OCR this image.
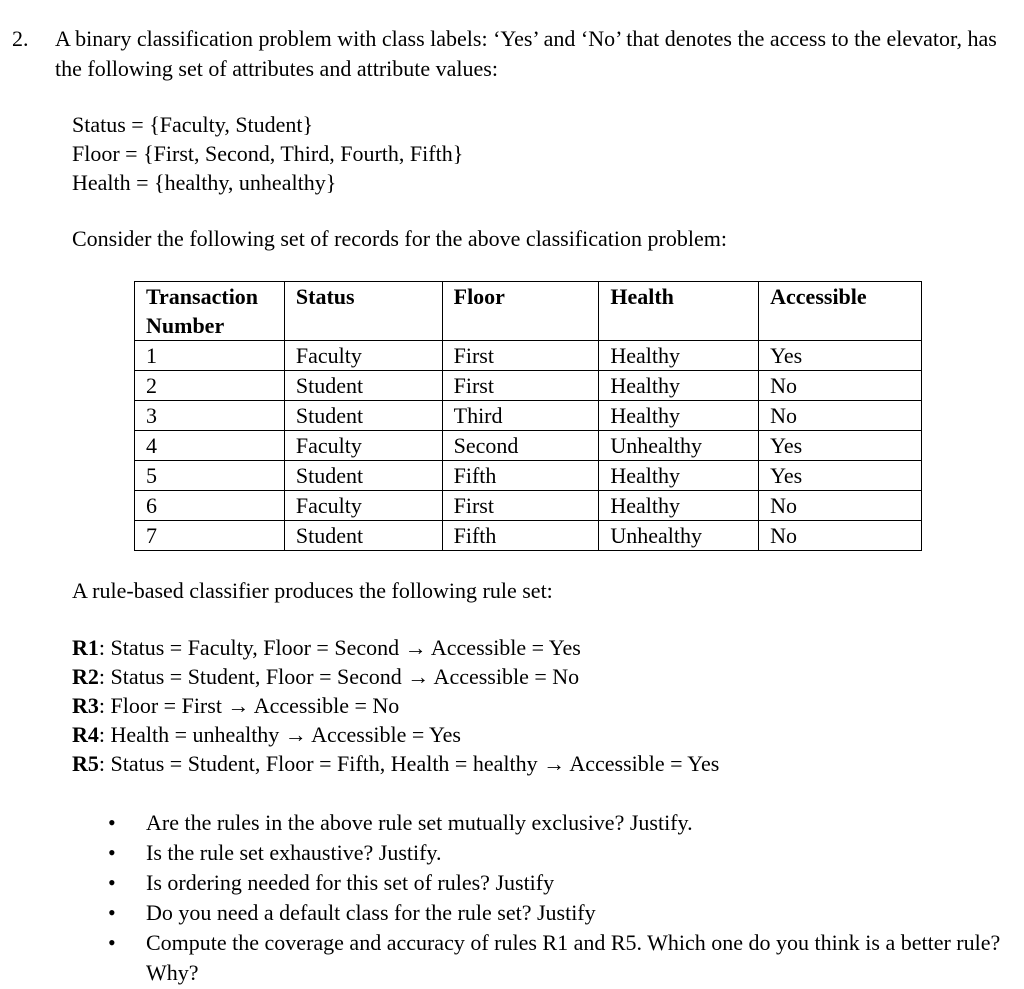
2. A binary classification problem with class labels: ‘Yes’ and ‘No’ that denotes the access to the elevator, has the following set of attributes and attribute values:

Status = {Faculty, Student}
Floor = {First, Second, Third, Fourth, Fifth}
Health = {healthy, unhealthy}

Consider the following set of records for the above classification problem:

Transaction Number	Status	Floor	Health	Accessible
1	Faculty	First	Healthy	Yes
2	Student	First	Healthy	No
3	Student	Third	Healthy	No
4	Faculty	Second	Unhealthy	Yes
5	Student	Fifth	Healthy	Yes
6	Faculty	First	Healthy	No
7	Student	Fifth	Unhealthy	No

A rule-based classifier produces the following rule set:

R1: Status = Faculty, Floor = Second → Accessible = Yes
R2: Status = Student, Floor = Second → Accessible = No
R3: Floor = First → Accessible = No
R4: Health = unhealthy → Accessible = Yes
R5: Status = Student, Floor = Fifth, Health = healthy → Accessible = Yes
• Are the rules in the above rule set mutually exclusive? Justify.
• Is the rule set exhaustive? Justify.
• Is ordering needed for this set of rules? Justify
• Do you need a default class for the rule set? Justify
• Compute the coverage and accuracy of rules R1 and R5. Which one do you think is a better rule? Why?
